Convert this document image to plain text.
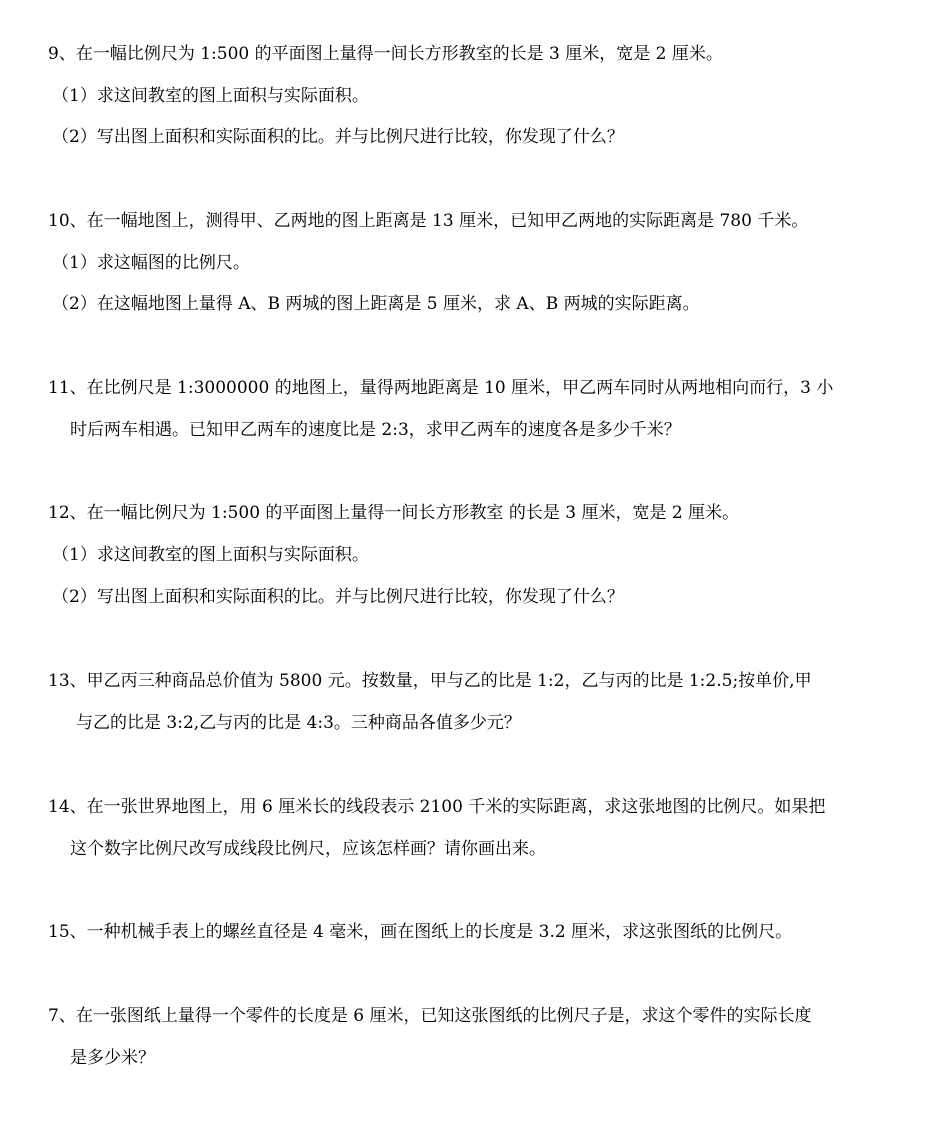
9、在一幅比例尺为 1:500 的平面图上量得一间长方形教室的长是 3 厘米，宽是 2 厘米。
（1）求这间教室的图上面积与实际面积。
（2）写出图上面积和实际面积的比。并与比例尺进行比较，你发现了什么？
10、在一幅地图上，测得甲、乙两地的图上距离是 13 厘米，已知甲乙两地的实际距离是 780 千米。
（1）求这幅图的比例尺。
（2）在这幅地图上量得 A、B 两城的图上距离是 5 厘米，求 A、B 两城的实际距离。
11、在比例尺是 1:3000000 的地图上，量得两地距离是 10 厘米，甲乙两车同时从两地相向而行，3 小
时后两车相遇。已知甲乙两车的速度比是 2:3，求甲乙两车的速度各是多少千米？
12、在一幅比例尺为 1:500 的平面图上量得一间长方形教室 的长是 3 厘米，宽是 2 厘米。
（1）求这间教室的图上面积与实际面积。
（2）写出图上面积和实际面积的比。并与比例尺进行比较，你发现了什么？
13、甲乙丙三种商品总价值为 5800 元。按数量，甲与乙的比是 1:2，乙与丙的比是 1:2.5;按单价,甲
与乙的比是 3:2,乙与丙的比是 4:3。三种商品各值多少元？
14、在一张世界地图上，用 6 厘米长的线段表示 2100 千米的实际距离，求这张地图的比例尺。如果把
这个数字比例尺改写成线段比例尺，应该怎样画？请你画出来。
15、一种机械手表上的螺丝直径是 4 毫米，画在图纸上的长度是 3.2 厘米，求这张图纸的比例尺。
7、在一张图纸上量得一个零件的长度是 6 厘米，已知这张图纸的比例尺子是，求这个零件的实际长度
是多少米？
